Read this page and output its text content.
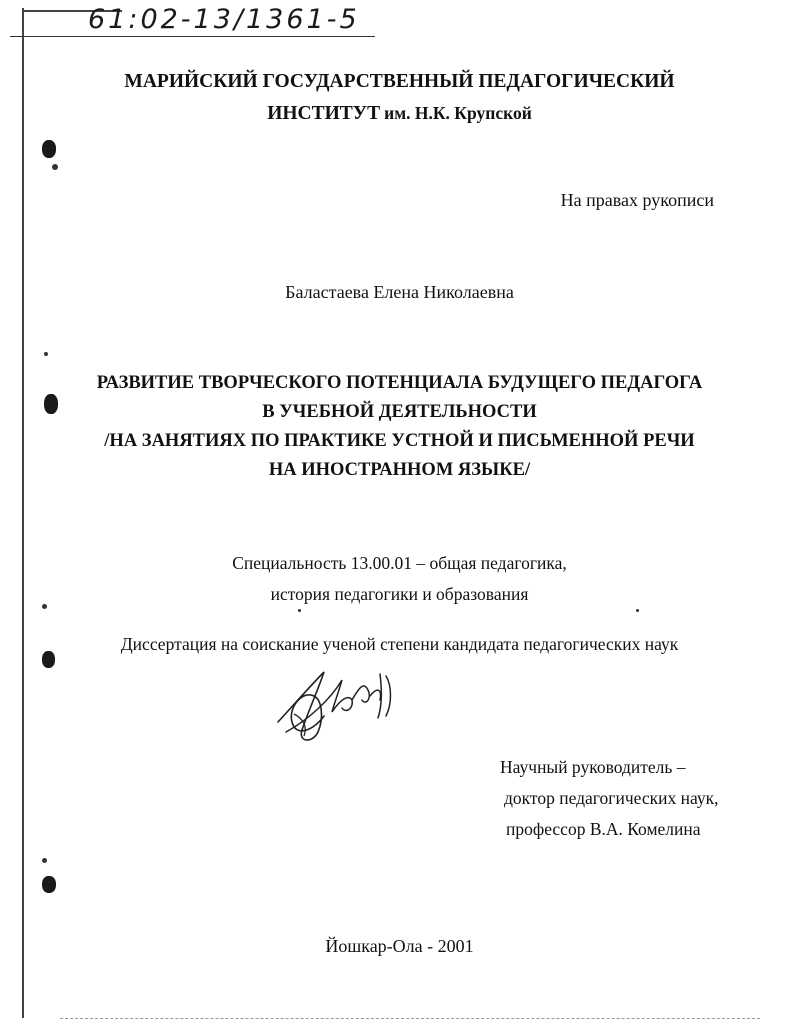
61:02-13/1361-5
МАРИЙСКИЙ ГОСУДАРСТВЕННЫЙ ПЕДАГОГИЧЕСКИЙ
ИНСТИТУТ им. Н.К. Крупской
На правах рукописи
Баластаева Елена Николаевна
РАЗВИТИЕ ТВОРЧЕСКОГО ПОТЕНЦИАЛА БУДУЩЕГО ПЕДАГОГА
В УЧЕБНОЙ ДЕЯТЕЛЬНОСТИ
/НА ЗАНЯТИЯХ ПО ПРАКТИКЕ УСТНОЙ И ПИСЬМЕННОЙ РЕЧИ
НА ИНОСТРАННОМ ЯЗЫКЕ/
Специальность 13.00.01 – общая педагогика,
история педагогики и образования
Диссертация на соискание ученой степени кандидата педагогических наук
Научный руководитель –
доктор педагогических наук,
профессор В.А. Комелина
Йошкар-Ола - 2001
